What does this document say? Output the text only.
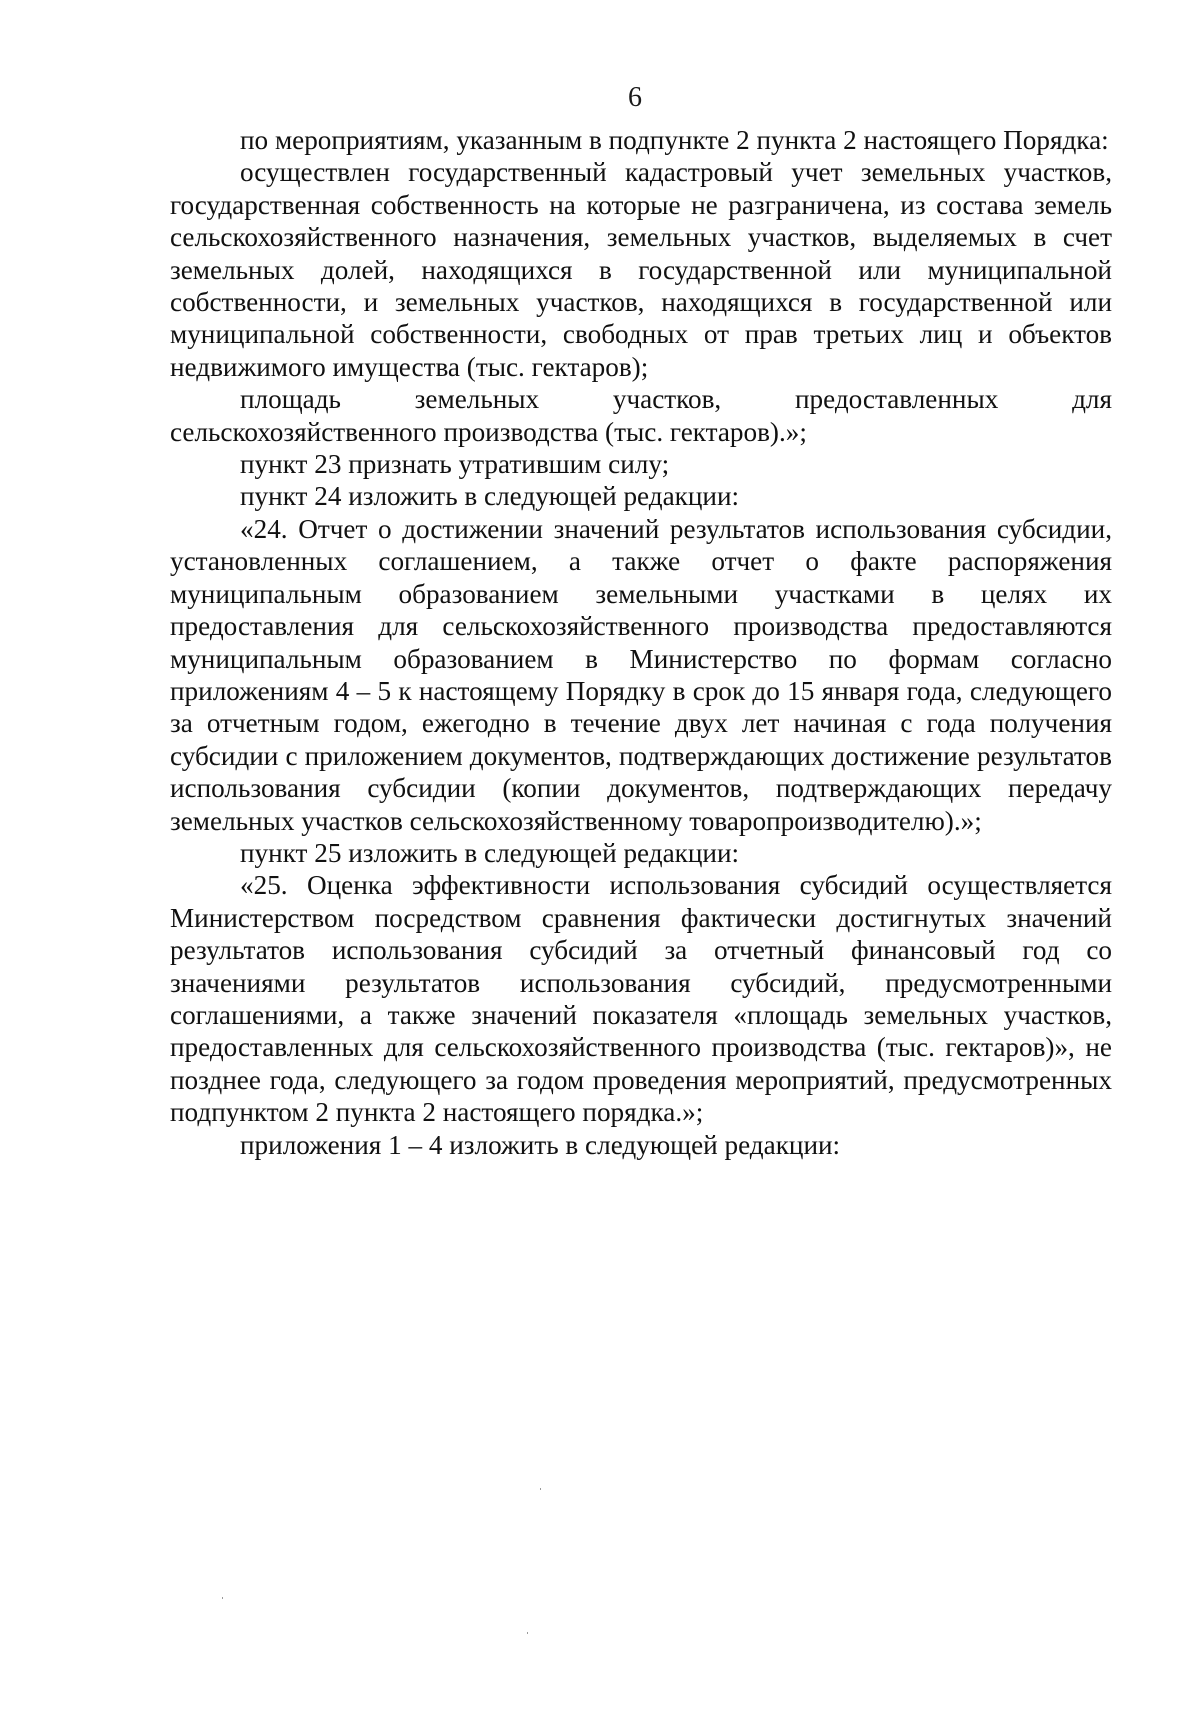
6

по мероприятиям, указанным в подпункте 2 пункта 2 настоящего Порядка:

осуществлен государственный кадастровый учет земельных участков, государственная собственность на которые не разграничена, из состава земель сельскохозяйственного назначения, земельных участков, выделяемых в счет земельных долей, находящихся в государственной или муниципальной собственности, и земельных участков, находящихся в государственной или муниципальной собственности, свободных от прав третьих лиц и объектов недвижимого имущества (тыс. гектаров);

площадь земельных участков, предоставленных для сельскохозяйственного производства (тыс. гектаров).»;

пункт 23 признать утратившим силу;

пункт 24 изложить в следующей редакции:

«24. Отчет о достижении значений результатов использования субсидии, установленных соглашением, а также отчет о факте распоряжения муниципальным образованием земельными участками в целях их предоставления для сельскохозяйственного производства предоставляются муниципальным образованием в Министерство по формам согласно приложениям 4 – 5 к настоящему Порядку в срок до 15 января года, следующего за отчетным годом, ежегодно в течение двух лет начиная с года получения субсидии с приложением документов, подтверждающих достижение результатов использования субсидии (копии документов, подтверждающих передачу земельных участков сельскохозяйственному товаропроизводителю).»;

пункт 25 изложить в следующей редакции:

«25. Оценка эффективности использования субсидий осуществляется Министерством посредством сравнения фактически достигнутых значений результатов использования субсидий за отчетный финансовый год со значениями результатов использования субсидий, предусмотренными соглашениями, а также значений показателя «площадь земельных участков, предоставленных для сельскохозяйственного производства (тыс. гектаров)», не позднее года, следующего за годом проведения мероприятий, предусмотренных подпунктом 2 пункта 2 настоящего порядка.»;

приложения 1 – 4 изложить в следующей редакции:
